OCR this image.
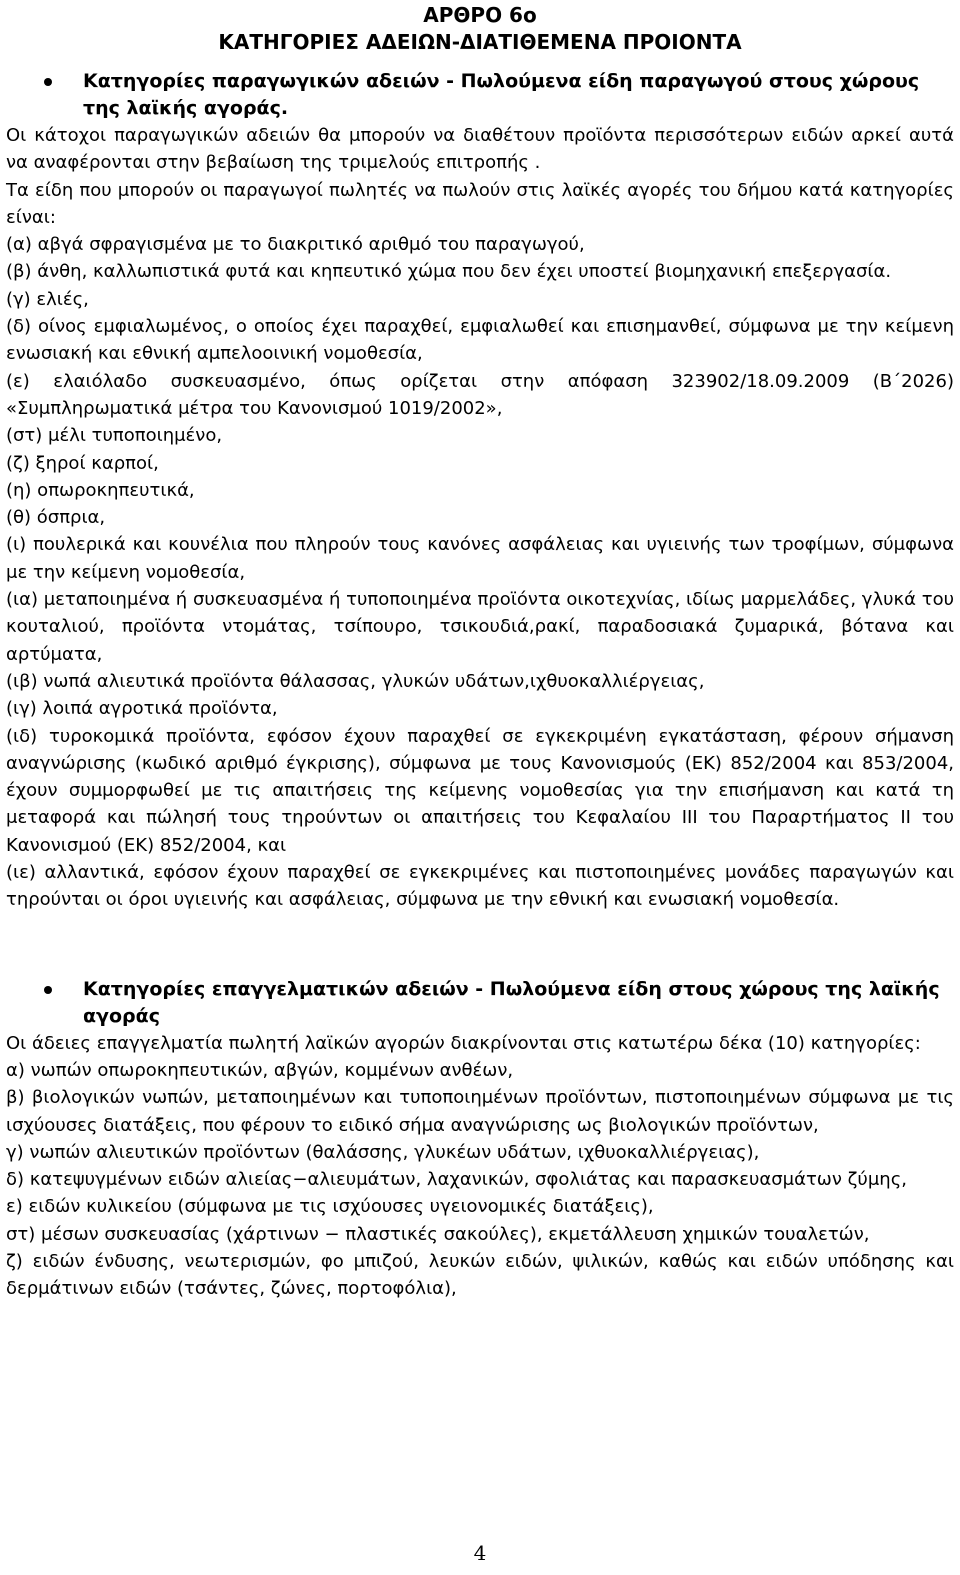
ΑΡΘΡΟ 6ο
ΚΑΤΗΓΟΡΙΕΣ ΑΔΕΙΩΝ-ΔΙΑΤΙΘΕΜΕΝΑ ΠΡΟΙΟΝΤΑ
Κατηγορίες παραγωγικών αδειών - Πωλούμενα είδη παραγωγού στους χώρους της λαϊκής αγοράς.

Οι κάτοχοι παραγωγικών αδειών θα μπορούν να διαθέτουν προϊόντα περισσότερων ειδών αρκεί αυτά να αναφέρονται στην βεβαίωση της τριμελούς επιτροπής .

Τα είδη που μπορούν οι παραγωγοί πωλητές να πωλούν στις λαϊκές αγορές του δήμου κατά κατηγορίες είναι:

(α) αβγά σφραγισμένα με το διακριτικό αριθμό του παραγωγού,

(β) άνθη, καλλωπιστικά φυτά και κηπευτικό χώμα που δεν έχει υποστεί βιομηχανική επεξεργασία.

(γ) ελιές,

(δ) οίνος εμφιαλωμένος, ο οποίος έχει παραχθεί, εμφιαλωθεί και επισημανθεί, σύμφωνα με την κείμενη ενωσιακή και εθνική αμπελοοινική νομοθεσία,

(ε) ελαιόλαδο συσκευασμένο, όπως ορίζεται στην απόφαση 323902/18.09.2009 (Β΄2026) «Συμπληρωματικά μέτρα του Κανονισμού 1019/2002»,

(στ) μέλι τυποποιημένο,

(ζ) ξηροί καρποί,

(η) οπωροκηπευτικά,

(θ) όσπρια,

(ι) πουλερικά και κουνέλια που πληρούν τους κανόνες ασφάλειας και υγιεινής των τροφίμων, σύμφωνα με την κείμενη νομοθεσία,

(ια) μεταποιημένα ή συσκευασμένα ή τυποποιημένα προϊόντα οικοτεχνίας, ιδίως μαρμελάδες, γλυκά του κουταλιού, προϊόντα ντομάτας, τσίπουρο, τσικουδιά,ρακί, παραδοσιακά ζυμαρικά, βότανα και αρτύματα,

(ιβ) νωπά αλιευτικά προϊόντα θάλασσας, γλυκών υδάτων,ιχθυοκαλλιέργειας,

(ιγ) λοιπά αγροτικά προϊόντα,

(ιδ) τυροκομικά προϊόντα, εφόσον έχουν παραχθεί σε εγκεκριμένη εγκατάσταση, φέρουν σήμανση αναγνώρισης (κωδικό αριθμό έγκρισης), σύμφωνα με τους Κανονισμούς (ΕΚ) 852/2004 και 853/2004, έχουν συμμορφωθεί με τις απαιτήσεις της κείμενης νομοθεσίας για την επισήμανση και κατά τη μεταφορά και πώλησή τους τηρούντων οι απαιτήσεις του Κεφαλαίου ΙΙΙ του Παραρτήματος ΙΙ του Κανονισμού (ΕΚ) 852/2004, και

(ιε) αλλαντικά, εφόσον έχουν παραχθεί σε εγκεκριμένες και πιστοποιημένες μονάδες παραγωγών και τηρούνται οι όροι υγιεινής και ασφάλειας, σύμφωνα με την εθνική και ενωσιακή νομοθεσία.

Κατηγορίες επαγγελματικών αδειών - Πωλούμενα είδη στους χώρους της λαϊκής αγοράς

Οι άδειες επαγγελματία πωλητή λαϊκών αγορών διακρίνονται στις κατωτέρω δέκα (10) κατηγορίες:

α) νωπών οπωροκηπευτικών, αβγών, κομμένων ανθέων,

β) βιολογικών νωπών, μεταποιημένων και τυποποιημένων προϊόντων, πιστοποιημένων σύμφωνα με τις ισχύουσες διατάξεις, που φέρουν το ειδικό σήμα αναγνώρισης ως βιολογικών προϊόντων,

γ) νωπών αλιευτικών προϊόντων (θαλάσσης, γλυκέων υδάτων, ιχθυοκαλλιέργειας),

δ) κατεψυγμένων ειδών αλιείας−αλιευμάτων, λαχανικών, σφολιάτας και παρασκευασμάτων ζύμης,

ε) ειδών κυλικείου (σύμφωνα με τις ισχύουσες υγειονομικές διατάξεις),

στ) μέσων συσκευασίας (χάρτινων − πλαστικές σακούλες), εκμετάλλευση χημικών τουαλετών,

ζ) ειδών ένδυσης, νεωτερισμών, φο μπιζού, λευκών ειδών, ψιλικών, καθώς και ειδών υπόδησης και δερμάτινων ειδών (τσάντες, ζώνες, πορτοφόλια),

4
